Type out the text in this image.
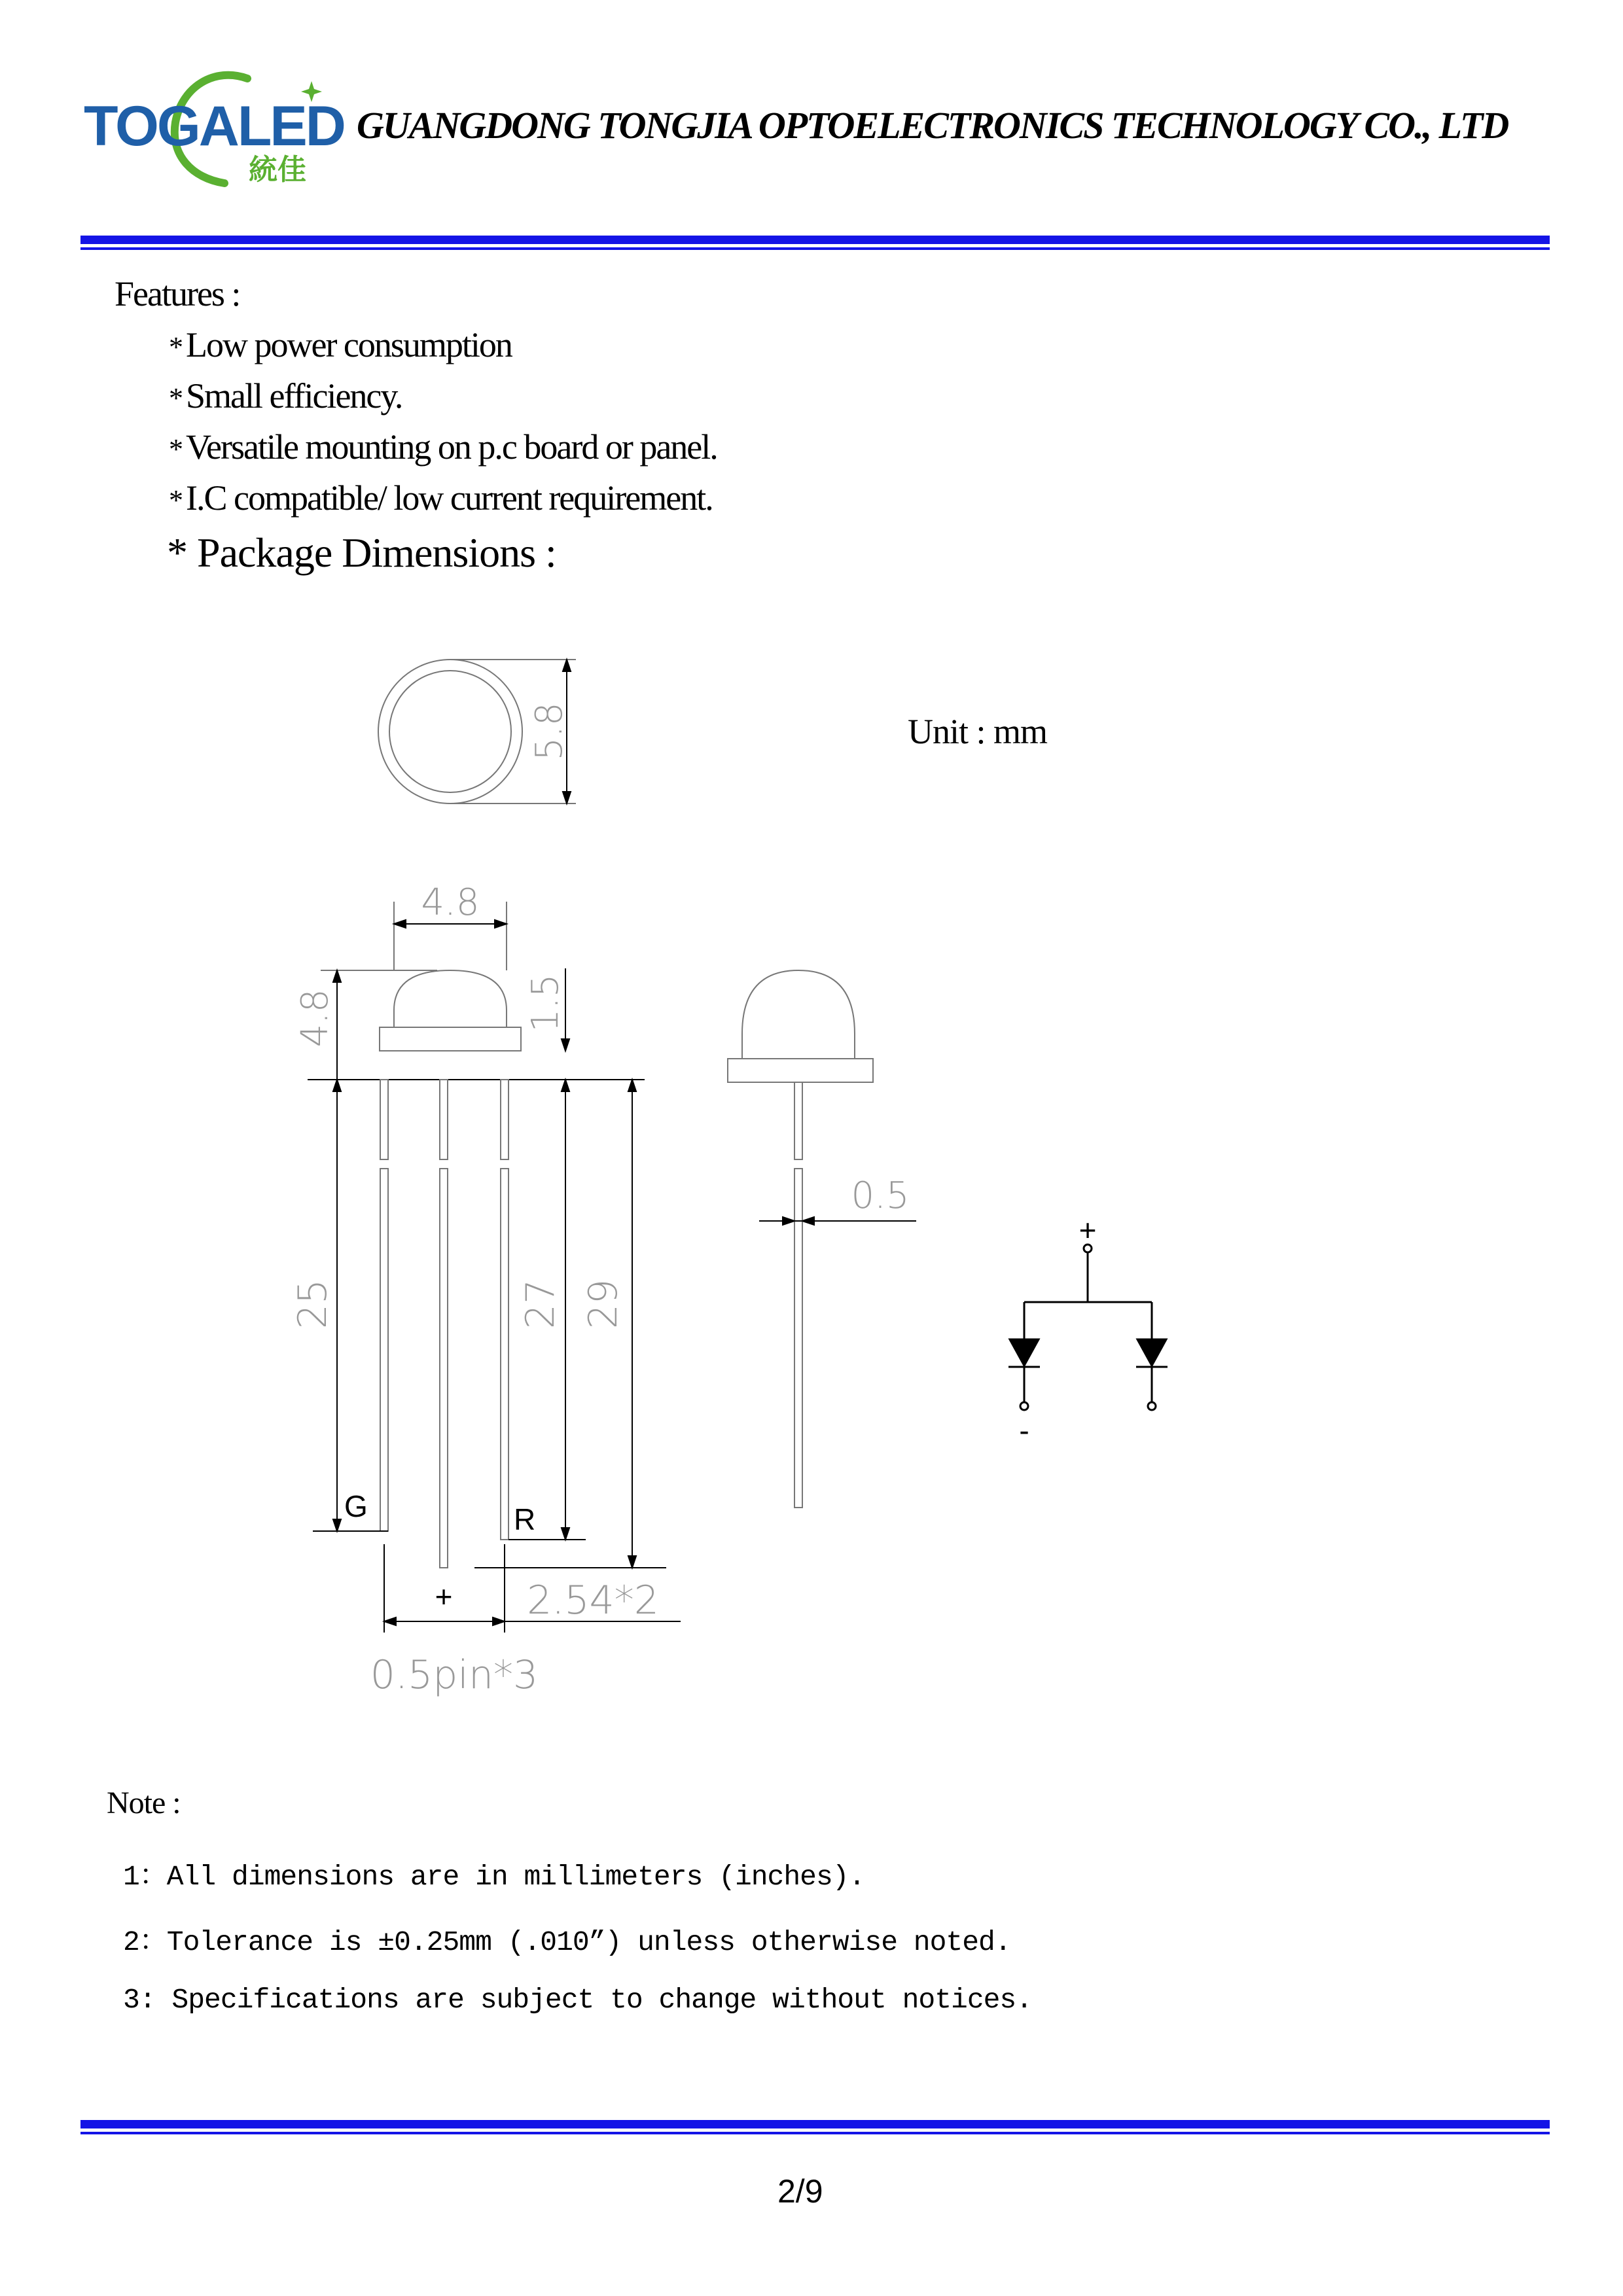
TOGALED
統佳
GUANGDONG TONGJIA OPTOELECTRONICS TECHNOLOGY CO., LTD
Features :
* Low power consumption
* Small efficiency.
* Versatile mounting on p.c board or panel.
* I.C compatible/ low current requirement.
* Package Dimensions :
Unit : mm
5.8
4.8
4.8	1.5
25	27 29
0.5
2.54*2
0.5pin*3
G	R
+
+
-
Note :
1：All dimensions are in millimeters (inches).
2：Tolerance is ±0.25mm (.010”) unless otherwise noted.
3: Specifications are subject to change without notices.
2/9
